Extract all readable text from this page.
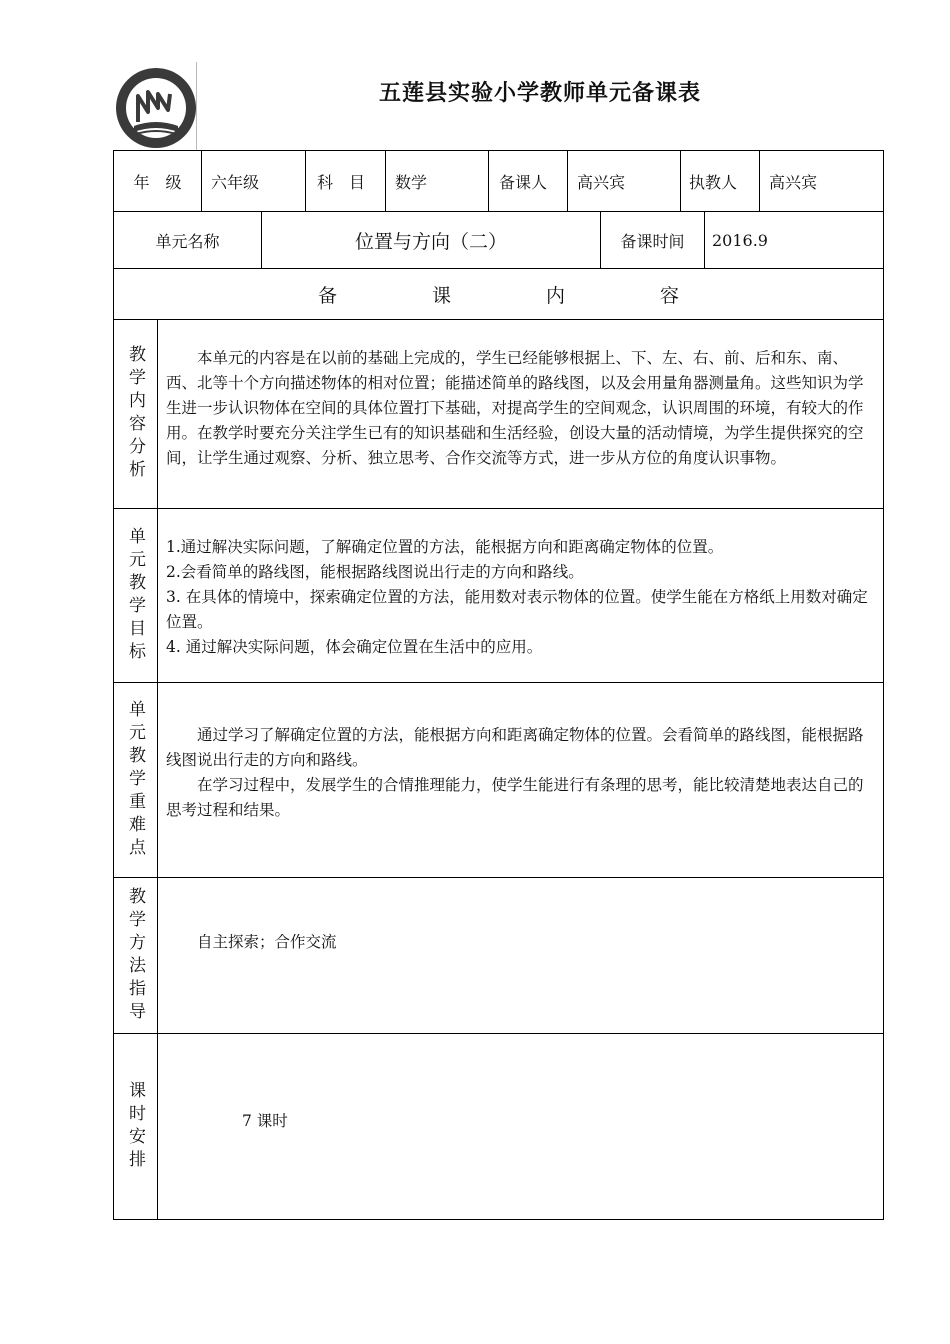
五莲县实验小学教师单元备课表
年　级 六年级	科　目 数学	备课人 高兴宾	执教人 高兴宾
单元名称	位置与方向（二）	备课时间 2016.9
备　　　　　课　　　　　内　　　　　容
教学内容分析	本单元的内容是在以前的基础上完成的，学生已经能够根据上、下、左、右、前、后和东、南、西、北等十个方向描述物体的相对位置；能描述简单的路线图，以及会用量角器测量角。这些知识为学生进一步认识物体在空间的具体位置打下基础，对提高学生的空间观念，认识周围的环境，有较大的作用。在教学时要充分关注学生已有的知识基础和生活经验，创设大量的活动情境，为学生提供探究的空间，让学生通过观察、分析、独立思考、合作交流等方式，进一步从方位的角度认识事物。

单元教学目标 1.通过解决实际问题，了解确定位置的方法，能根据方向和距离确定物体的位置。

2.会看简单的路线图，能根据路线图说出行走的方向和路线。

3. 在具体的情境中，探索确定位置的方法，能用数对表示物体的位置。使学生能在方格纸上用数对确定位置。

4. 通过解决实际问题，体会确定位置在生活中的应用。

单元教学重难点	通过学习了解确定位置的方法，能根据方向和距离确定物体的位置。会看简单的路线图，能根据路线图说出行走的方向和路线。

在学习过程中，发展学生的合情推理能力，使学生能进行有条理的思考，能比较清楚地表达自己的思考过程和结果。

教学方法指导	自主探索；合作交流

课时安排	7 课时
